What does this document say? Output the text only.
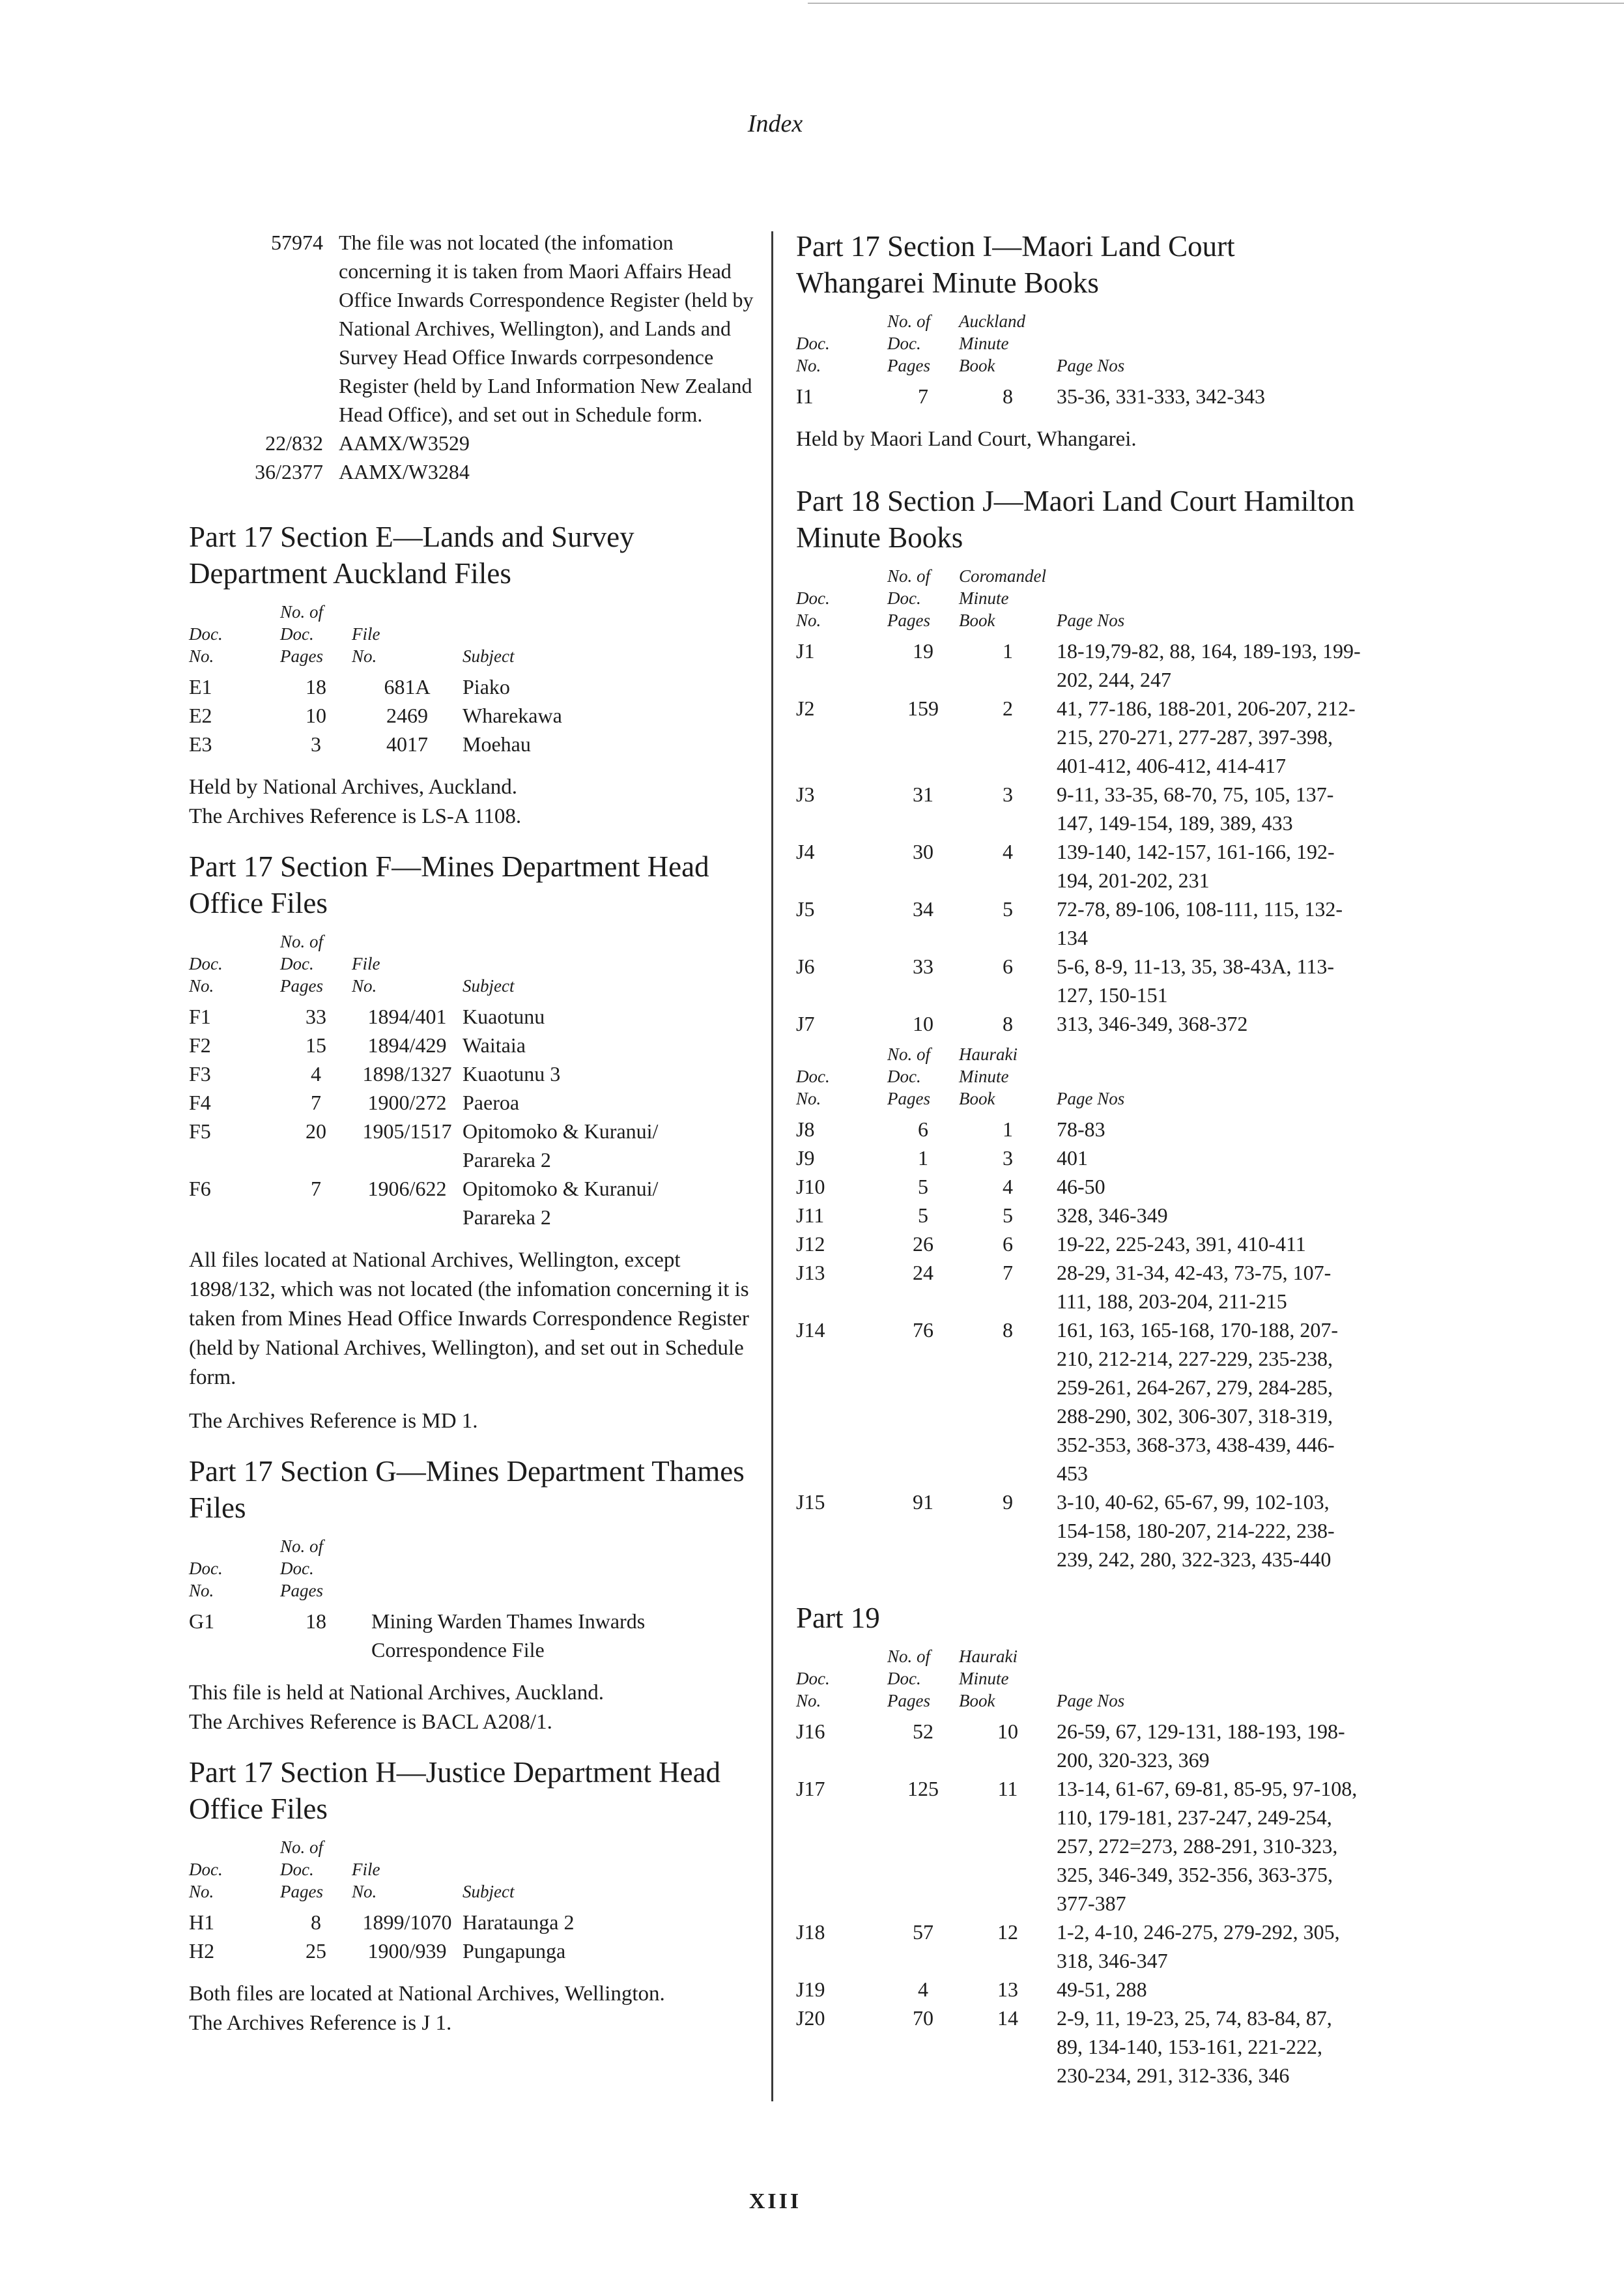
Index
57974 The file was not located (the infomation concerning it is taken from Maori Affairs Head Office Inwards Correspondence Register (held by National Archives, Wellington), and Lands and Survey Head Office Inwards corrpesondence Register (held by Land Information New Zealand Head Office), and set out in Schedule form.
22/832 AAMX/W3529
36/2377 AAMX/W3284
Part 17 Section E—Lands and Survey Department Auckland Files

Doc.
No.	No. of
Doc.
Pages	File
No.	Subject
E1	18	681A	Piako
E2	10	2469	Wharekawa
E3	3	4017	Moehau

Held by National Archives, Auckland.

The Archives Reference is LS-A 1108.

Part 17 Section F—Mines Department Head Office Files

Doc.
No.	No. of
Doc.
Pages	File
No.	Subject
F1	33	1894/401	Kuaotunu
F2	15	1894/429	Waitaia
F3	4	1898/1327	Kuaotunu 3
F4	7	1900/272	Paeroa
F5	20	1905/1517	Opitomoko & Kuranui/ Parareka 2
F6	7	1906/622	Opitomoko & Kuranui/ Parareka 2

All files located at National Archives, Wellington, except 1898/132, which was not located (the infomation concerning it is taken from Mines Head Office Inwards Correspondence Register (held by National Archives, Wellington), and set out in Schedule form.

The Archives Reference is MD 1.

Part 17 Section G—Mines Department Thames Files

Doc.
No.	No. of
Doc.
Pages	
G1	18	Mining Warden Thames Inwards Correspondence File

This file is held at National Archives, Auckland.

The Archives Reference is BACL A208/1.

Part 17 Section H—Justice Department Head Office Files

Doc.
No.	No. of
Doc.
Pages	File
No.	Subject
H1	8	1899/1070	Harataunga 2
H2	25	1900/939	Pungapunga

Both files are located at National Archives, Wellington.

The Archives Reference is J 1.

Part 17 Section I—Maori Land Court Whangarei Minute Books

Doc.
No.	No. of
Doc.
Pages	Auckland
Minute
Book	Page Nos
I1	7	8	35-36, 331-333, 342-343

Held by Maori Land Court, Whangarei.

Part 18 Section J—Maori Land Court Hamilton Minute Books

Doc.
No.	No. of
Doc.
Pages	Coromandel
Minute
Book	Page Nos
J1	19	1	18-19,79-82, 88, 164, 189-193, 199-202, 244, 247
J2	159	2	41, 77-186, 188-201, 206-207, 212-215, 270-271, 277-287, 397-398, 401-412, 406-412, 414-417
J3	31	3	9-11, 33-35, 68-70, 75, 105, 137-147, 149-154, 189, 389, 433
J4	30	4	139-140, 142-157, 161-166, 192-194, 201-202, 231
J5	34	5	72-78, 89-106, 108-111, 115, 132-134
J6	33	6	5-6, 8-9, 11-13, 35, 38-43A, 113-127, 150-151
J7	10	8	313, 346-349, 368-372

Doc.
No.	No. of
Doc.
Pages	Hauraki
Minute
Book	Page Nos
J8	6	1	78-83
J9	1	3	401
J10	5	4	46-50
J11	5	5	328, 346-349
J12	26	6	19-22, 225-243, 391, 410-411
J13	24	7	28-29, 31-34, 42-43, 73-75, 107-111, 188, 203-204, 211-215
J14	76	8	161, 163, 165-168, 170-188, 207-210, 212-214, 227-229, 235-238, 259-261, 264-267, 279, 284-285, 288-290, 302, 306-307, 318-319, 352-353, 368-373, 438-439, 446-453
J15	91	9	3-10, 40-62, 65-67, 99, 102-103, 154-158, 180-207, 214-222, 238-239, 242, 280, 322-323, 435-440
Part 19

Doc.
No.	No. of
Doc.
Pages	Hauraki
Minute
Book	Page Nos
J16	52	10	26-59, 67, 129-131, 188-193, 198-200, 320-323, 369
J17	125	11	13-14, 61-67, 69-81, 85-95, 97-108, 110, 179-181, 237-247, 249-254, 257, 272=273, 288-291, 310-323, 325, 346-349, 352-356, 363-375, 377-387
J18	57	12	1-2, 4-10, 246-275, 279-292, 305, 318, 346-347
J19	4	13	49-51, 288
J20	70	14	2-9, 11, 19-23, 25, 74, 83-84, 87, 89, 134-140, 153-161, 221-222, 230-234, 291, 312-336, 346
XIII
